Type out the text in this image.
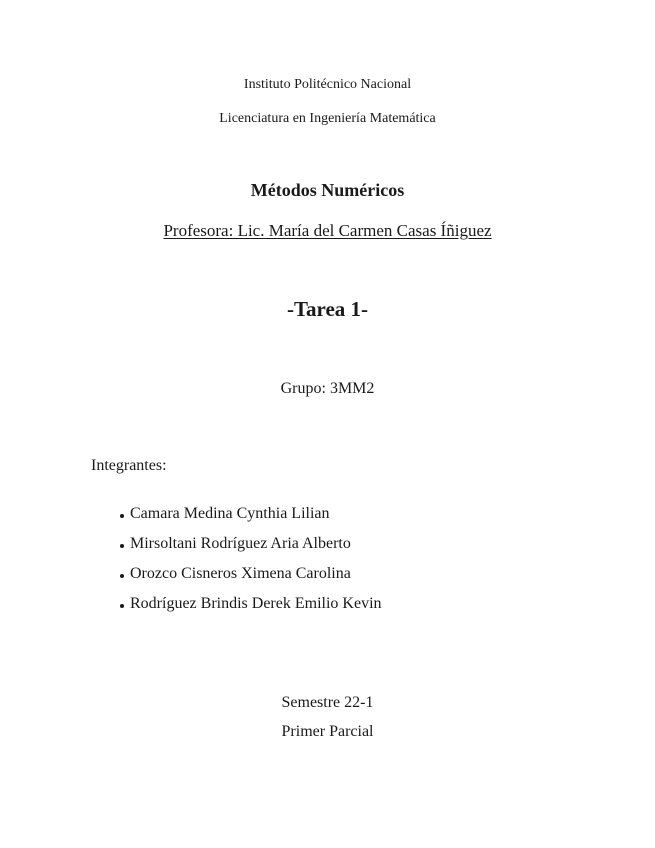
Instituto Politécnico Nacional
Licenciatura en Ingeniería Matemática
Métodos Numéricos
Profesora: Lic. María del Carmen Casas Íñiguez
-Tarea 1-
Grupo: 3MM2
Integrantes:
Camara Medina Cynthia Lilian
Mirsoltani Rodríguez Aria Alberto
Orozco Cisneros Ximena Carolina
Rodríguez Brindis Derek Emilio Kevin
Semestre 22-1
Primer Parcial
